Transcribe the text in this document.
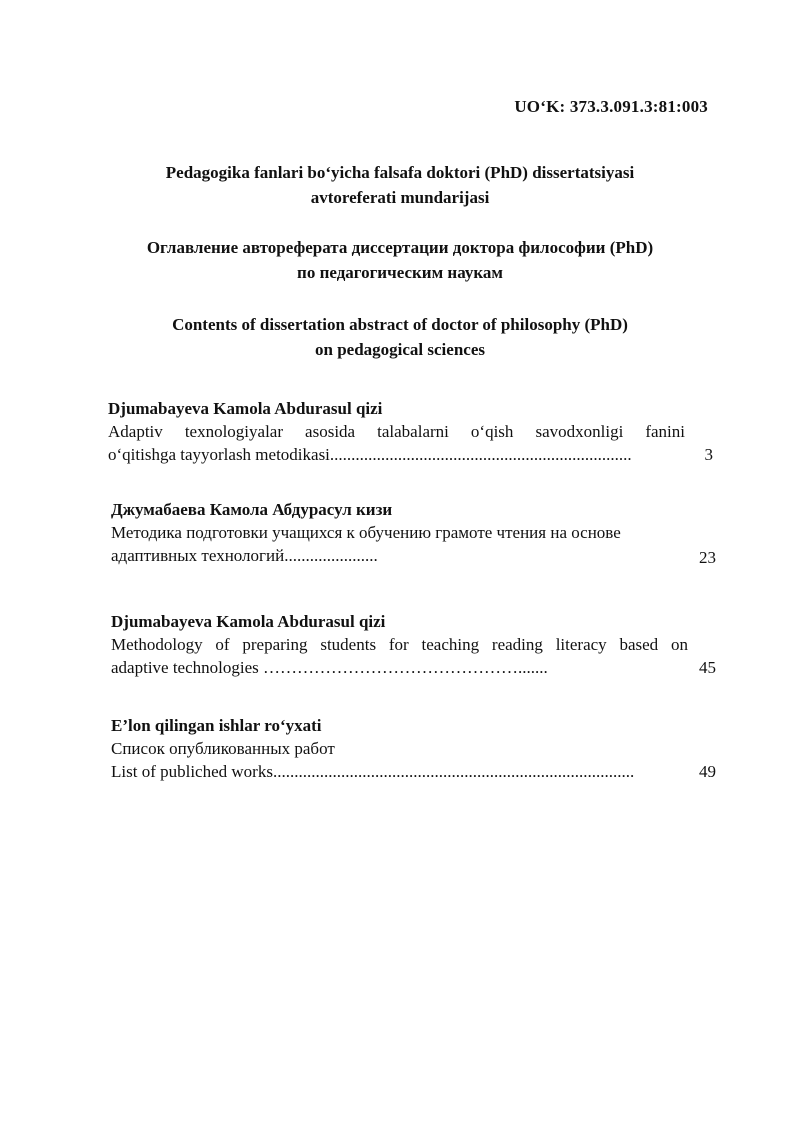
UO‘K: 373.3.091.3:81:003
Pedagogika fanlari bo‘yicha falsafa doktori (PhD) dissertatsiyasi
avtoreferati mundarijasi
Оглавление автореферата диссертации доктора философии (PhD)
по педагогическим наукам
Contents of dissertation abstract of doctor of philosophy (PhD)
on pedagogical sciences
Djumabayeva Kamola Abdurasul qizi
Adaptiv texnologiyalar asosida talabalarni o‘qish savodxonligi fanini
o‘qitishga tayyorlash metodikasi.......................................................................	3
Джумабаева Камола Абдурасул кизи
Методика подготовки учащихся к обучению грамоте чтения на основе
адаптивных технологий......................	23
Djumabayeva Kamola Abdurasul qizi
Methodology of preparing students for teaching reading literacy based on
adaptive technologies ……………………………………….......	45
E’lon qilingan ishlar ro‘yxati
Список опубликованных работ
List of publiched works.....................................................................................	49
